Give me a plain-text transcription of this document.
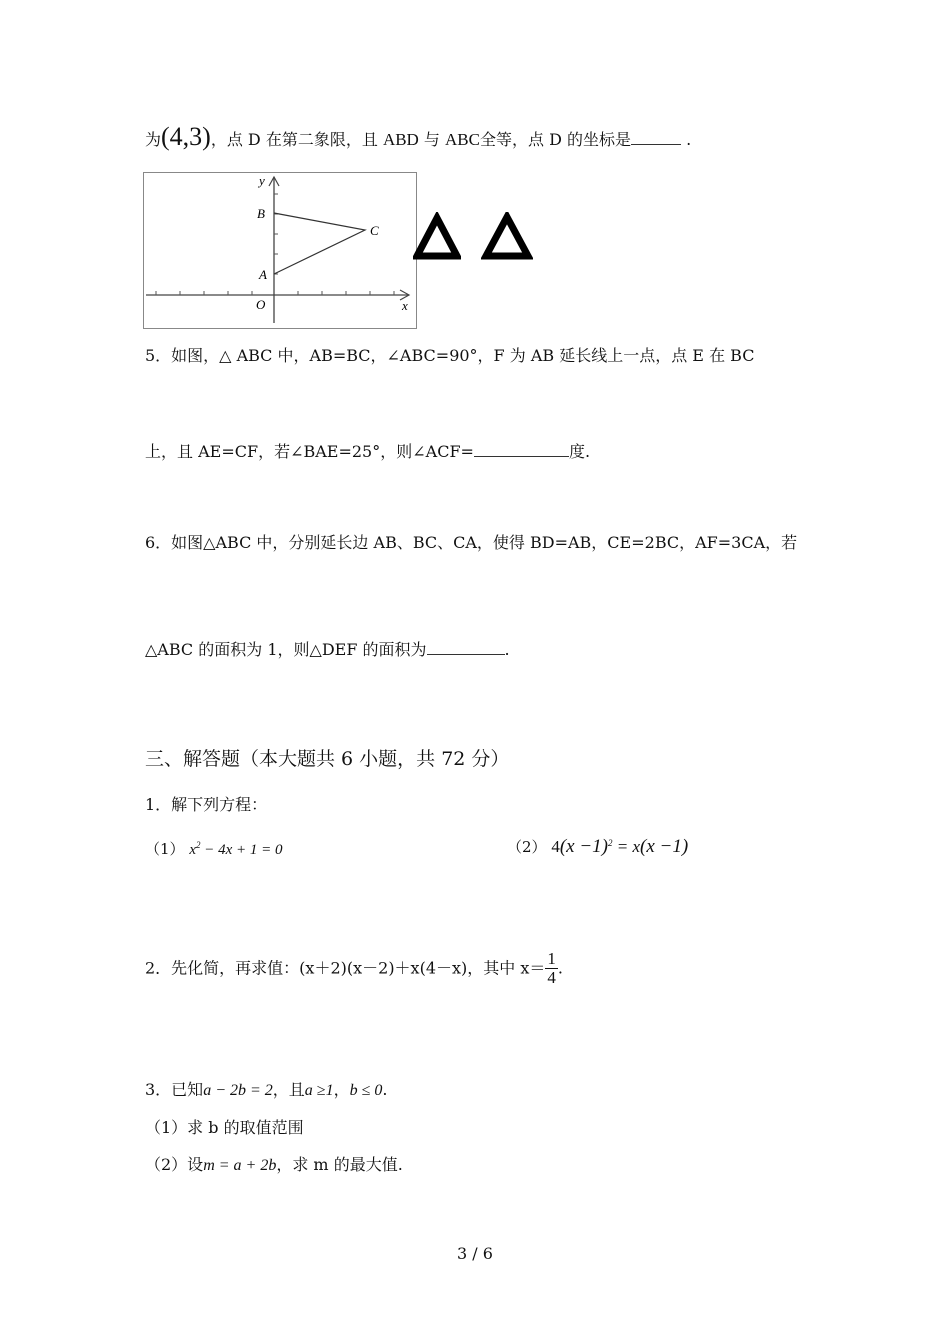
为(4,3)，点 D 在第二象限，且 ABD 与 ABC全等，点 D 的坐标是	.
y
x
B
C
A
O
5．如图，△ ABC 中，AB=BC，∠ABC=90°，F 为 AB 延长线上一点，点 E 在 BC
上，且 AE=CF，若∠BAE=25°，则∠ACF=	度.
6．如图△ABC 中，分别延长边 AB、BC、CA，使得 BD=AB，CE=2BC，AF=3CA，若
△ABC 的面积为 1，则△DEF 的面积为	.
三、解答题（本大题共 6 小题，共 72 分）
1．解下列方程：
（1） $x^2 - 4x + 1 = 0$	（2） $4(x -1)^2 = x(x -1)$
2．先化简，再求值：(x＋2)(x－2)＋x(4－x)，其中 $x= \frac{1}{4}$ .
3．已知a − 2b = 2，且a ≥1，b ≤ 0.
（1）求 b 的取值范围
（2）设m = a + 2b，求 m 的最大值.
3 / 6
